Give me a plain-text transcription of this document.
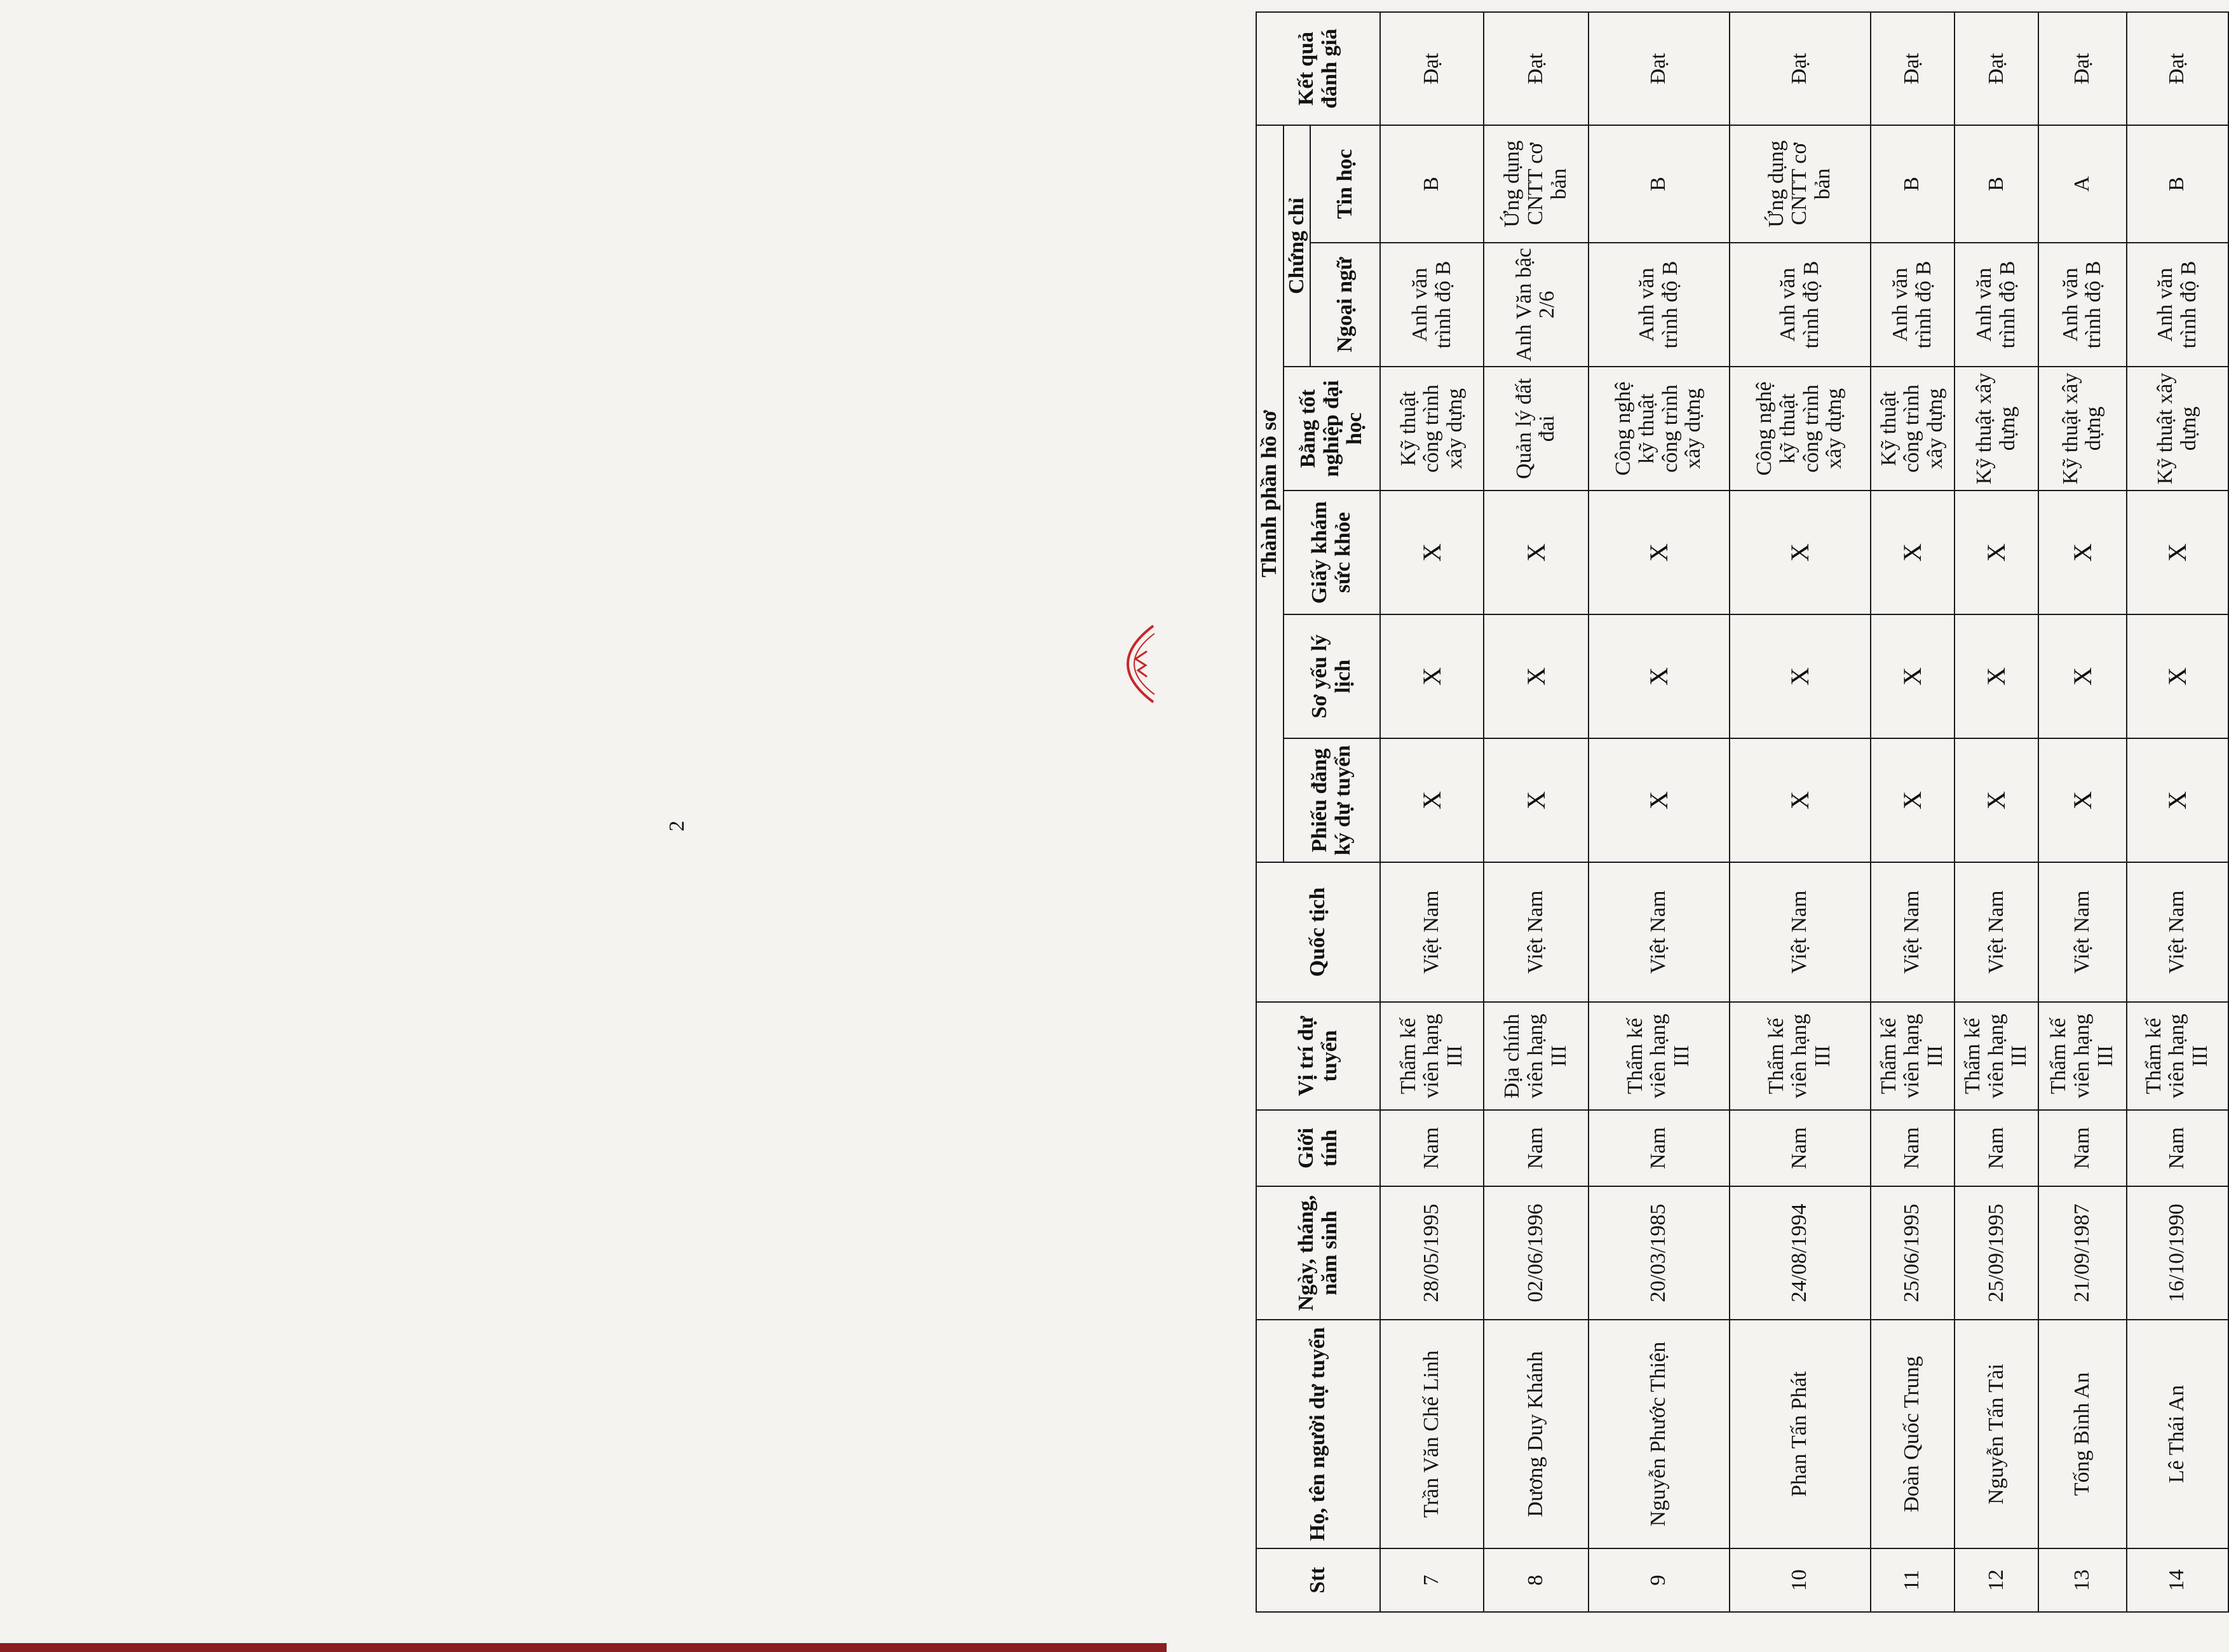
2
Stt	Họ, tên người dự tuyển	Ngày, tháng, năm sinh	Giới tính	Vị trí dự tuyển	Quốc tịch	Thành phần hồ sơ						Kết quả đánh giá
						Phiếu đăng ký dự tuyển	Sơ yếu lý lịch	Giấy khám sức khỏe	Bằng tốt nghiệp đại học	Chứng chỉ		
										Ngoại ngữ	Tin học	
7	Trần Văn Chế Linh	28/05/1995	Nam	Thẩm kế viên hạng III	Việt Nam	X	X	X	Kỹ thuật công trình xây dựng	Anh văn trình độ B	B	Đạt
8	Dương Duy Khánh	02/06/1996	Nam	Địa chính viên hạng III	Việt Nam	X	X	X	Quản lý đất đai	Anh Văn bậc 2/6	Ứng dụng CNTT cơ bản	Đạt
9	Nguyễn Phước Thiện	20/03/1985	Nam	Thẩm kế viên hạng III	Việt Nam	X	X	X	Công nghệ kỹ thuật công trình xây dựng	Anh văn trình độ B	B	Đạt
10	Phan Tấn Phát	24/08/1994	Nam	Thẩm kế viên hạng III	Việt Nam	X	X	X	Công nghệ kỹ thuật công trình xây dựng	Anh văn trình độ B	Ứng dụng CNTT cơ bản	Đạt
11	Đoàn Quốc Trung	25/06/1995	Nam	Thẩm kế viên hạng III	Việt Nam	X	X	X	Kỹ thuật công trình xây dựng	Anh văn trình độ B	B	Đạt
12	Nguyễn Tấn Tài	25/09/1995	Nam	Thẩm kế viên hạng III	Việt Nam	X	X	X	Kỹ thuật xây dựng	Anh văn trình độ B	B	Đạt
13	Tống Bình An	21/09/1987	Nam	Thẩm kế viên hạng III	Việt Nam	X	X	X	Kỹ thuật xây dựng	Anh văn trình độ B	A	Đạt
14	Lê Thái An	16/10/1990	Nam	Thẩm kế viên hạng III	Việt Nam	X	X	X	Kỹ thuật xây dựng	Anh văn trình độ B	B	Đạt
